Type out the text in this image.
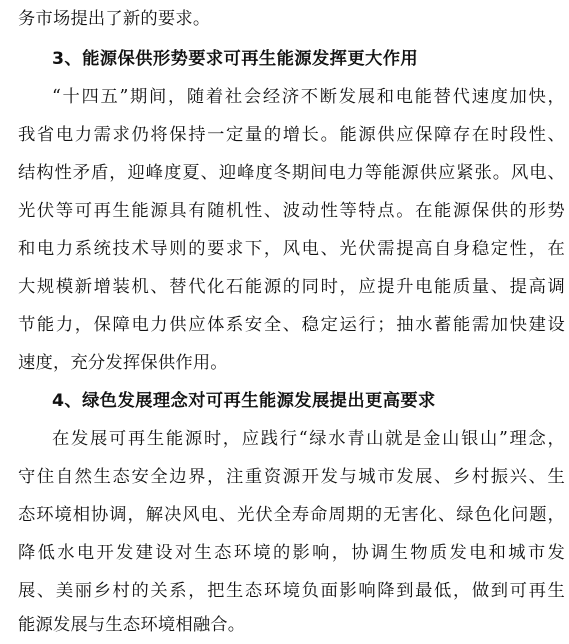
务市场提出了新的要求。
3、能源保供形势要求可再生能源发挥更大作用
“十四五”期间，随着社会经济不断发展和电能替代速度加快，
我省电力需求仍将保持一定量的增长。能源供应保障存在时段性、
结构性矛盾，迎峰度夏、迎峰度冬期间电力等能源供应紧张。风电、
光伏等可再生能源具有随机性、波动性等特点。在能源保供的形势
和电力系统技术导则的要求下，风电、光伏需提高自身稳定性，在
大规模新增装机、替代化石能源的同时，应提升电能质量、提高调
节能力，保障电力供应体系安全、稳定运行；抽水蓄能需加快建设
速度，充分发挥保供作用。
4、绿色发展理念对可再生能源发展提出更高要求
在发展可再生能源时，应践行“绿水青山就是金山银山”理念，
守住自然生态安全边界，注重资源开发与城市发展、乡村振兴、生
态环境相协调，解决风电、光伏全寿命周期的无害化、绿色化问题，
降低水电开发建设对生态环境的影响，协调生物质发电和城市发
展、美丽乡村的关系，把生态环境负面影响降到最低，做到可再生
能源发展与生态环境相融合。
